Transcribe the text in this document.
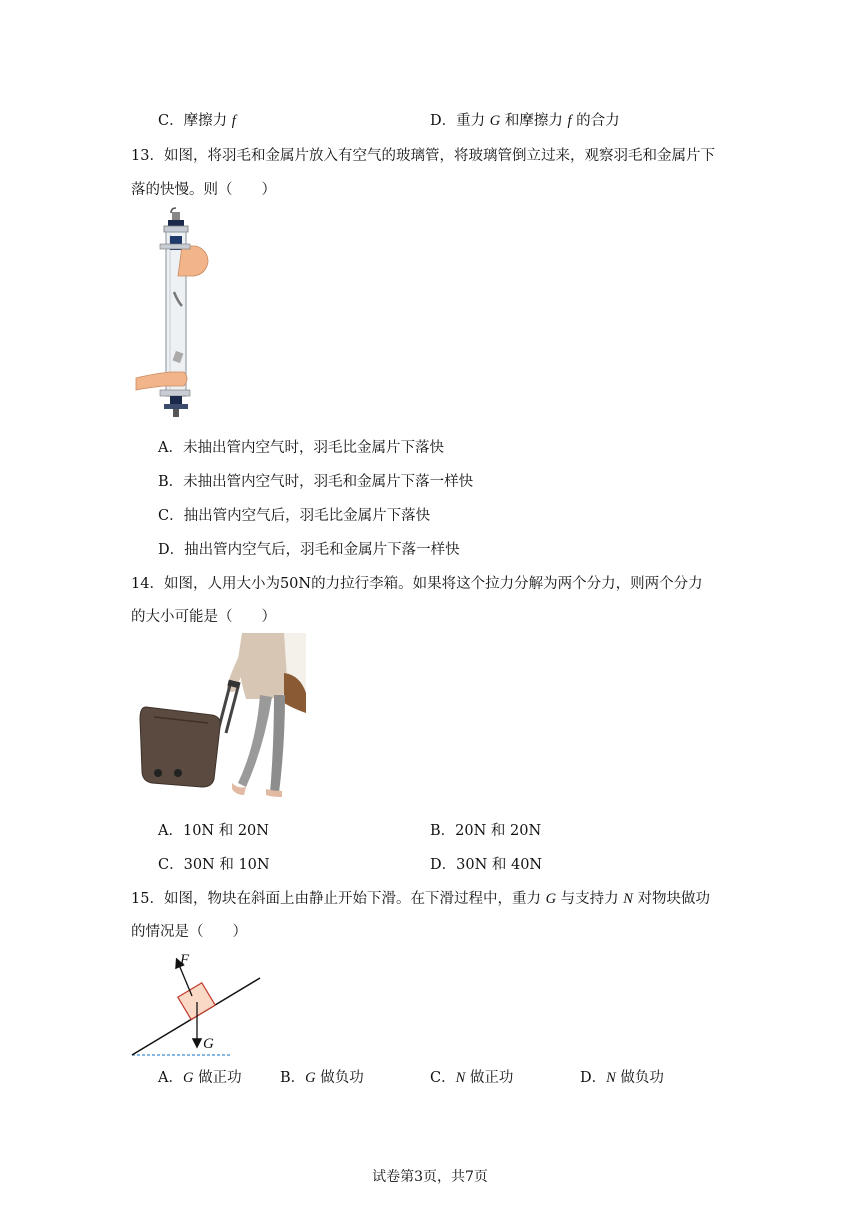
C．摩擦力 f	D．重力 G 和摩擦力 f 的合力
13．如图，将羽毛和金属片放入有空气的玻璃管，将玻璃管倒立过来，观察羽毛和金属片下
落的快慢。则（　　）
A．未抽出管内空气时，羽毛比金属片下落快
B．未抽出管内空气时，羽毛和金属片下落一样快
C．抽出管内空气后，羽毛比金属片下落快
D．抽出管内空气后，羽毛和金属片下落一样快
14．如图，人用大小为50N的力拉行李箱。如果将这个拉力分解为两个分力，则两个分力
的大小可能是（　　）
A．10N 和 20N	B．20N 和 20N
C．30N 和 10N	D．30N 和 40N
15．如图，物块在斜面上由静止开始下滑。在下滑过程中，重力 G 与支持力 N 对物块做功
的情况是（　　）
F
G
A．G 做正功	B．G 做负功	C．N 做正功	D．N 做负功
试卷第3页，共7页
